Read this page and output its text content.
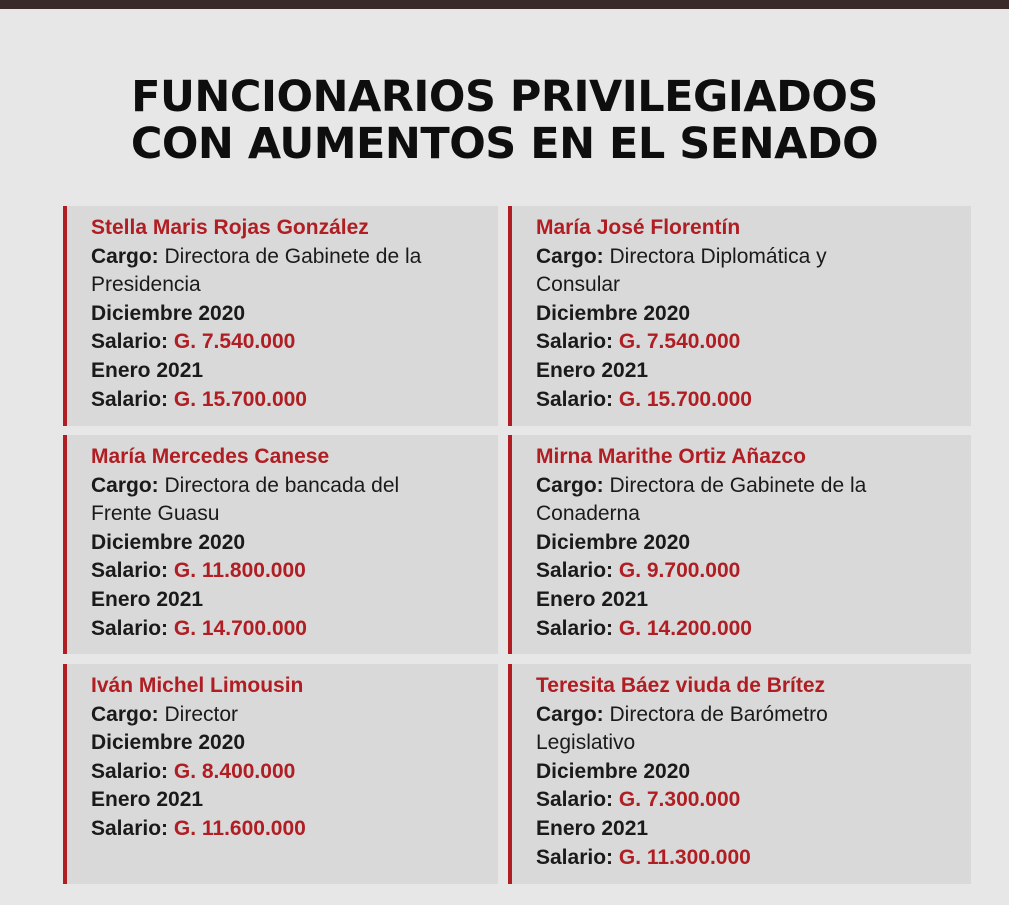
FUNCIONARIOS PRIVILEGIADOS
CON AUMENTOS EN EL SENADO
Stella Maris Rojas González
Cargo: Directora de Gabinete de la
Presidencia
Diciembre 2020
Salario: G. 7.540.000
Enero 2021
Salario: G. 15.700.000
María José Florentín
Cargo: Directora Diplomática y
Consular
Diciembre 2020
Salario: G. 7.540.000
Enero 2021
Salario: G. 15.700.000
María Mercedes Canese
Cargo: Directora de bancada del
Frente Guasu
Diciembre 2020
Salario: G. 11.800.000
Enero 2021
Salario: G. 14.700.000
Mirna Marithe Ortiz Añazco
Cargo: Directora de Gabinete de la
Conaderna
Diciembre 2020
Salario: G. 9.700.000
Enero 2021
Salario: G. 14.200.000
Iván Michel Limousin
Cargo: Director
Diciembre 2020
Salario: G. 8.400.000
Enero 2021
Salario: G. 11.600.000
Teresita Báez viuda de Brítez
Cargo: Directora de Barómetro
Legislativo
Diciembre 2020
Salario: G. 7.300.000
Enero 2021
Salario: G. 11.300.000
